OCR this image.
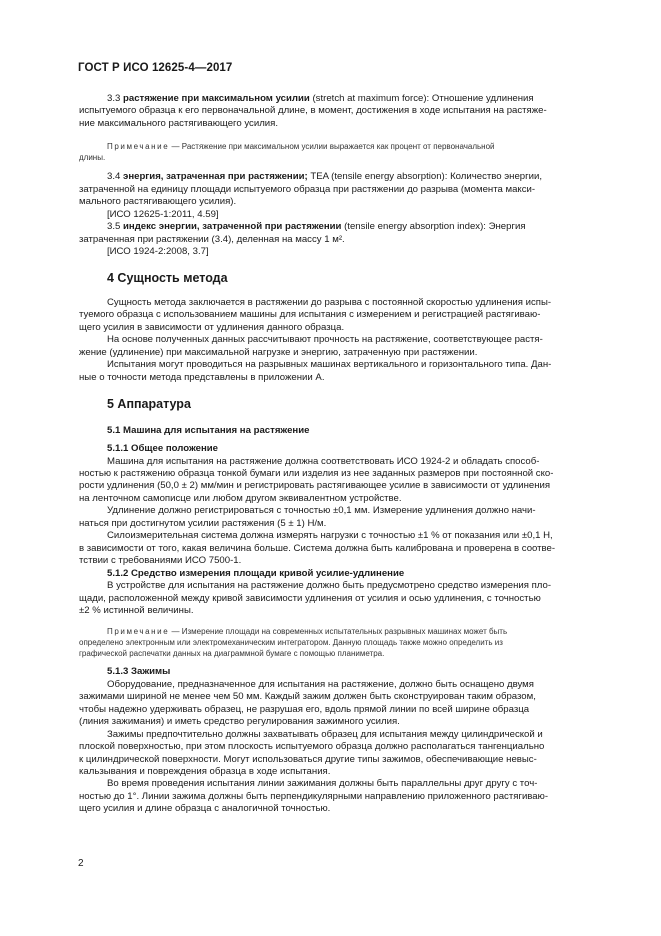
ГОСТ Р ИСО 12625-4—2017
3.3 растяжение при максимальном усилии (stretch at maximum force): Отношение удлинения
испытуемого образца к его первоначальной длине, в момент, достижения в ходе испытания на растяже-
ние максимального растягивающего усилия.
Примечание — Растяжение при максимальном усилии выражается как процент от первоначальной
длины.
3.4 энергия, затраченная при растяжении; TEA (tensile energy absorption): Количество энергии,
затраченной на единицу площади испытуемого образца при растяжении до разрыва (момента макси-
мального растягивающего усилия).
[ИСО 12625-1:2011, 4.59]
3.5 индекс энергии, затраченной при растяжении (tensile energy absorption index): Энергия
затраченная при растяжении (3.4), деленная на массу 1 м².
[ИСО 1924-2:2008, 3.7]
4 Сущность метода
Сущность метода заключается в растяжении до разрыва с постоянной скоростью удлинения испы-
туемого образца с использованием машины для испытания с измерением и регистрацией растягиваю-
щего усилия в зависимости от удлинения данного образца.
На основе полученных данных рассчитывают прочность на растяжение, соответствующее растя-
жение (удлинение) при максимальной нагрузке и энергию, затраченную при растяжении.
Испытания могут проводиться на разрывных машинах вертикального и горизонтального типа. Дан-
ные о точности метода представлены в приложении А.
5 Аппаратура
5.1 Машина для испытания на растяжение
5.1.1 Общее положение
Машина для испытания на растяжение должна соответствовать ИСО 1924-2 и обладать способ-
ностью к растяжению образца тонкой бумаги или изделия из нее заданных размеров при постоянной ско-
рости удлинения (50,0 ± 2) мм/мин и регистрировать растягивающее усилие в зависимости от удлинения
на ленточном самописце или любом другом эквивалентном устройстве.
Удлинение должно регистрироваться с точностью ±0,1 мм. Измерение удлинения должно начи-
наться при достигнутом усилии растяжения (5 ± 1) Н/м.
Силоизмерительная система должна измерять нагрузки с точностью ±1 % от показания или ±0,1 Н,
в зависимости от того, какая величина больше. Система должна быть калибрована и проверена в соотве-
тствии с требованиями ИСО 7500-1.
5.1.2 Средство измерения площади кривой усилие-удлинение
В устройстве для испытания на растяжение должно быть предусмотрено средство измерения пло-
щади, расположенной между кривой зависимости удлинения от усилия и осью удлинения, с точностью
±2 % истинной величины.
Примечание — Измерение площади на современных испытательных разрывных машинах может быть
определено электронным или электромеханическим интегратором. Данную площадь также можно определить из
графической распечатки данных на диаграммной бумаге с помощью планиметра.
5.1.3 Зажимы
Оборудование, предназначенное для испытания на растяжение, должно быть оснащено двумя
зажимами шириной не менее чем 50 мм. Каждый зажим должен быть сконструирован таким образом,
чтобы надежно удерживать образец, не разрушая его, вдоль прямой линии по всей ширине образца
(линия зажимания) и иметь средство регулирования зажимного усилия.
Зажимы предпочтительно должны захватывать образец для испытания между цилиндрической и
плоской поверхностью, при этом плоскость испытуемого образца должно располагаться тангенциально
к цилиндрической поверхности. Могут использоваться другие типы зажимов, обеспечивающие невыс-
кальзывания и повреждения образца в ходе испытания.
Во время проведения испытания линии зажимания должны быть параллельны друг другу с точ-
ностью до 1°. Линии зажима должны быть перпендикулярными направлению приложенного растягиваю-
щего усилия и длине образца с аналогичной точностью.
2
